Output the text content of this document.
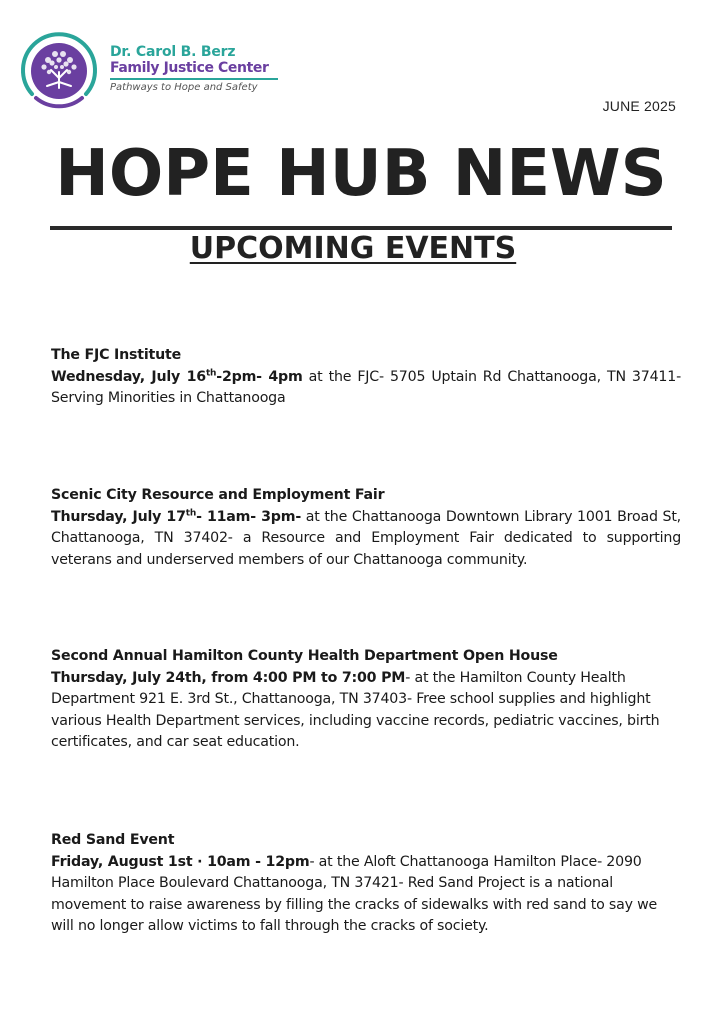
Dr. Carol B. Berz
Family Justice Center
Pathways to Hope and Safety
JUNE 2025
HOPE HUB NEWS
UPCOMING EVENTS
The FJC Institute
Wednesday, July 16th-2pm- 4pm at the FJC- 5705 Uptain Rd Chattanooga, TN 37411- Serving Minorities in Chattanooga
Scenic City Resource and Employment Fair
Thursday, July 17th- 11am- 3pm- at the Chattanooga Downtown Library 1001 Broad St, Chattanooga, TN 37402- a Resource and Employment Fair dedicated to supporting veterans and underserved members of our Chattanooga community.
Second Annual Hamilton County Health Department Open House
Thursday, July 24th, from 4:00 PM to 7:00 PM- at the Hamilton County Health Department 921 E. 3rd St., Chattanooga, TN 37403- Free school supplies and highlight various Health Department services, including vaccine records, pediatric vaccines, birth certificates, and car seat education.
Red Sand Event
Friday, August 1st · 10am - 12pm- at the Aloft Chattanooga Hamilton Place- 2090 Hamilton Place Boulevard Chattanooga, TN 37421- Red Sand Project is a national movement to raise awareness by filling the cracks of sidewalks with red sand to say we will no longer allow victims to fall through the cracks of society.
